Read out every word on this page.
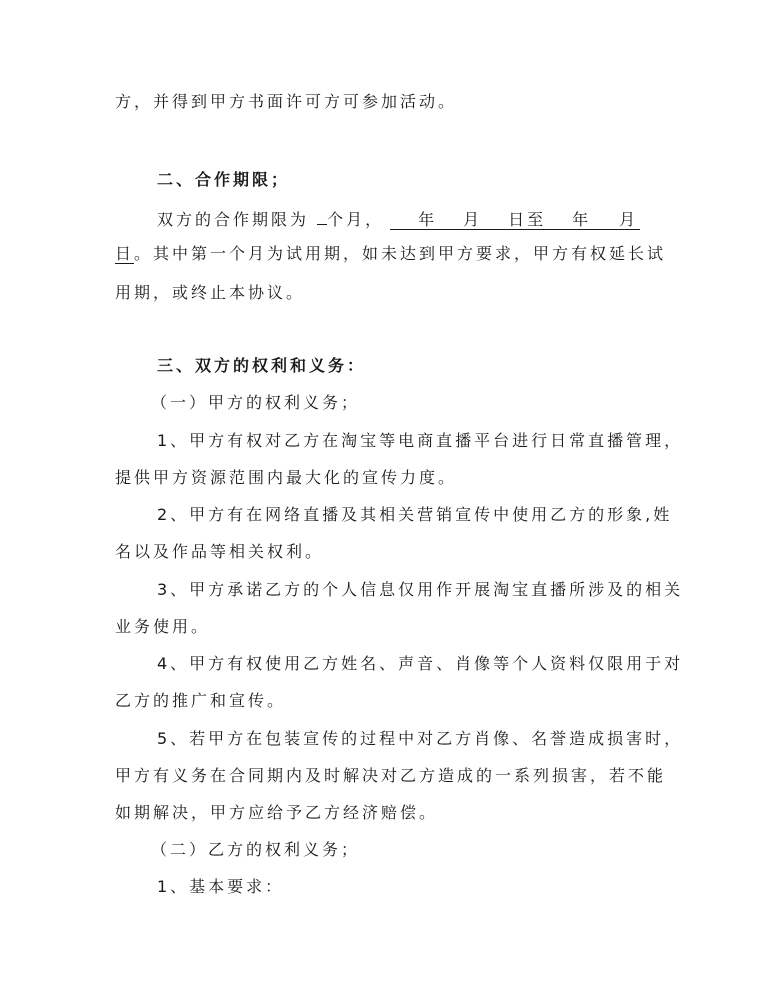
方，并得到甲方书面许可方可参加活动。
二、合作期限；
双方的合作期限为 个月， 年 月 日至 年 月
日。其中第一个月为试用期，如未达到甲方要求，甲方有权延长试
用期，或终止本协议。
三、双方的权利和义务：
（一）甲方的权利义务；
1、甲方有权对乙方在淘宝等电商直播平台进行日常直播管理，
提供甲方资源范围内最大化的宣传力度。
2、甲方有在网络直播及其相关营销宣传中使用乙方的形象,姓
名以及作品等相关权利。
3、甲方承诺乙方的个人信息仅用作开展淘宝直播所涉及的相关
业务使用。
4、甲方有权使用乙方姓名、声音、肖像等个人资料仅限用于对
乙方的推广和宣传。
5、若甲方在包装宣传的过程中对乙方肖像、名誉造成损害时，
甲方有义务在合同期内及时解决对乙方造成的一系列损害，若不能
如期解决，甲方应给予乙方经济赔偿。
（二）乙方的权利义务；
1、基本要求：
